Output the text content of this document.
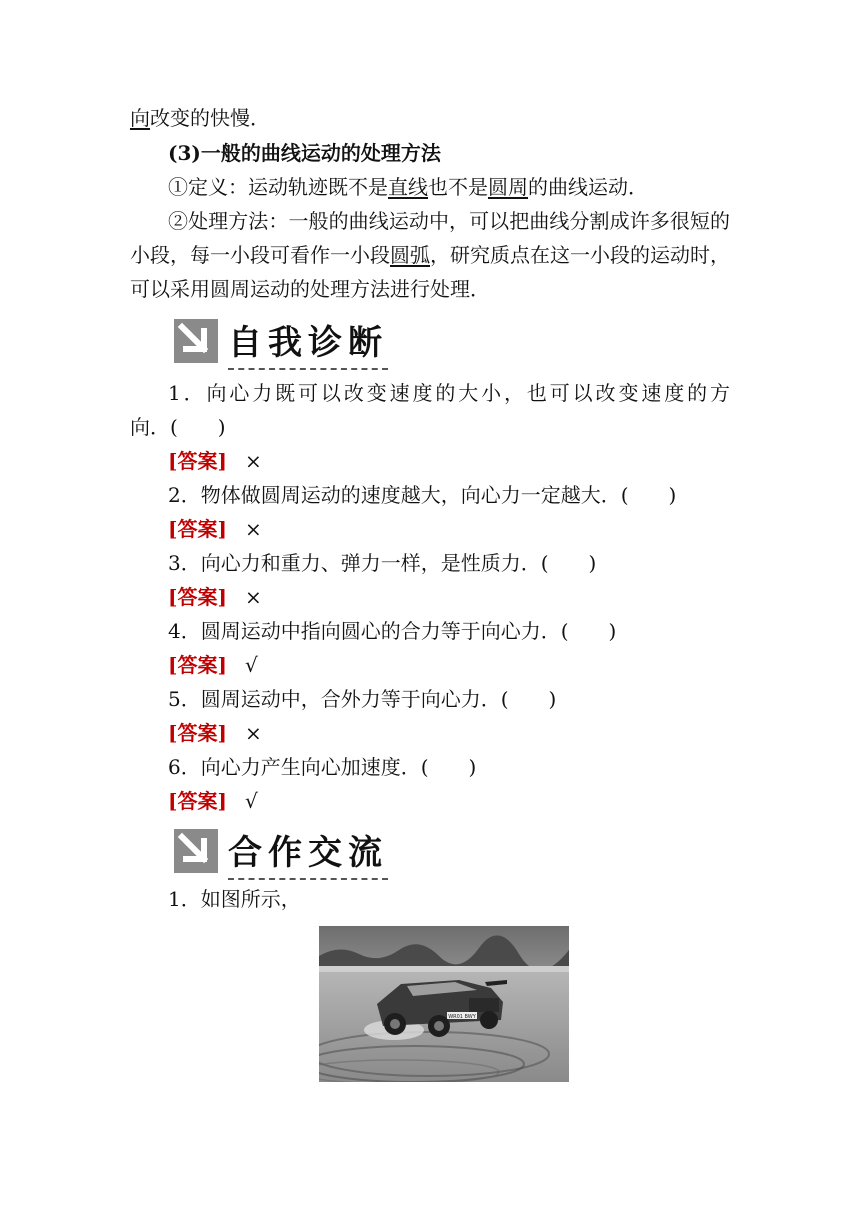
向改变的快慢．
(3)一般的曲线运动的处理方法
①定义：运动轨迹既不是直线也不是圆周的曲线运动．
②处理方法：一般的曲线运动中，可以把曲线分割成许多很短的
小段，每一小段可看作一小段圆弧，研究质点在这一小段的运动时，
可以采用圆周运动的处理方法进行处理．
自我诊断
1．向心力既可以改变速度的大小，也可以改变速度的方
向．(　　)
[答案] ×
2．物体做圆周运动的速度越大，向心力一定越大．(　　)
[答案] ×
3．向心力和重力、弹力一样，是性质力．(　　)
[答案] ×
4．圆周运动中指向圆心的合力等于向心力．(　　)
[答案] √
5．圆周运动中，合外力等于向心力．(　　)
[答案] ×
6．向心力产生向心加速度．(　　)
[答案] √
合作交流
1．如图所示，
WR01 BWY
